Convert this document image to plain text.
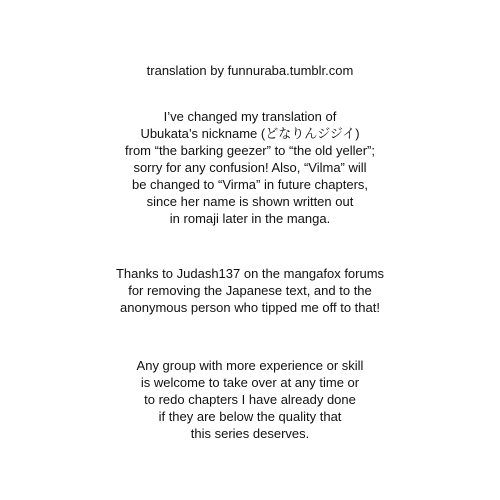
translation by funnuraba.tumblr.com
I’ve changed my translation of
Ubukata’s nickname (どなりんジジイ)
from “the barking geezer” to “the old yeller”;
sorry for any confusion! Also, “Vilma” will
be changed to “Virma” in future chapters,
since her name is shown written out
in romaji later in the manga.
Thanks to Judash137 on the mangafox forums
for removing the Japanese text, and to the
anonymous person who tipped me off to that!
Any group with more experience or skill
is welcome to take over at any time or
to redo chapters I have already done
if they are below the quality that
this series deserves.
